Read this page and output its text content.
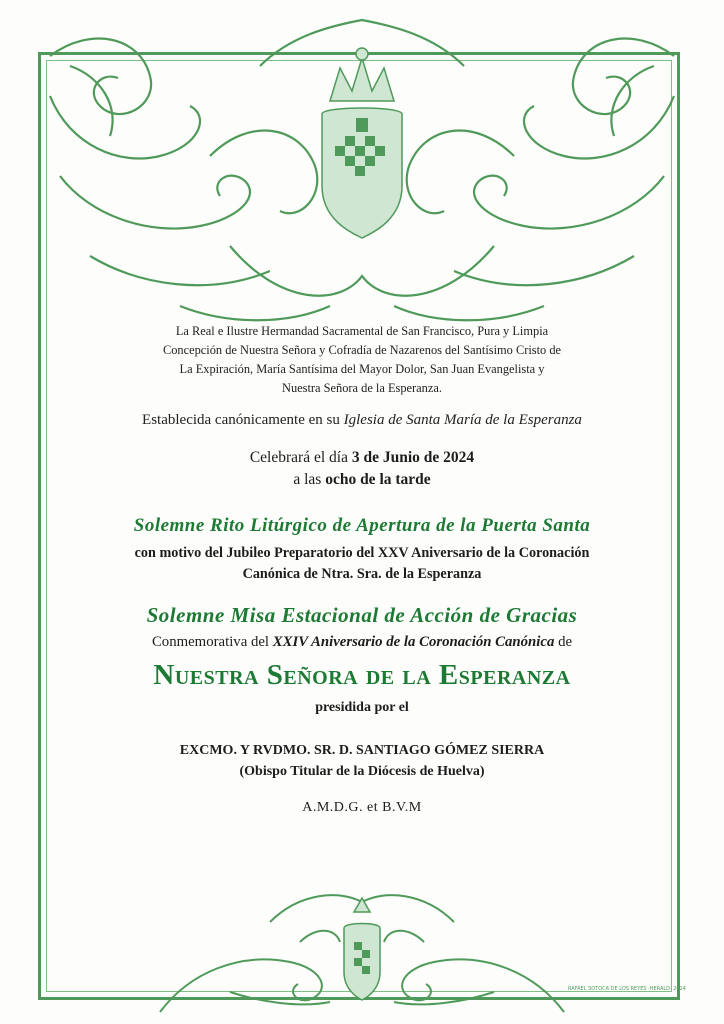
La Real e Ilustre Hermandad Sacramental de San Francisco, Pura y Limpia
Concepción de Nuestra Señora y Cofradía de Nazarenos del Santísimo Cristo de
La Expiración, María Santísima del Mayor Dolor, San Juan Evangelista y
Nuestra Señora de la Esperanza.
Establecida canónicamente en su Iglesia de Santa María de la Esperanza
Celebrará el día 3 de Junio de 2024
a las ocho de la tarde
Solemne Rito Litúrgico de Apertura de la Puerta Santa
con motivo del Jubileo Preparatorio del XXV Aniversario de la Coronación
Canónica de Ntra. Sra. de la Esperanza
Solemne Misa Estacional de Acción de Gracias
Conmemorativa del XXIV Aniversario de la Coronación Canónica de
Nuestra Señora de la Esperanza
presidida por el
EXCMO. Y RVDMO. SR. D. SANTIAGO GÓMEZ SIERRA
(Obispo Titular de la Diócesis de Huelva)
A.M.D.G. et B.V.M
RAFAEL SOTOCA DE LOS REYES ·HERALD· 2024
